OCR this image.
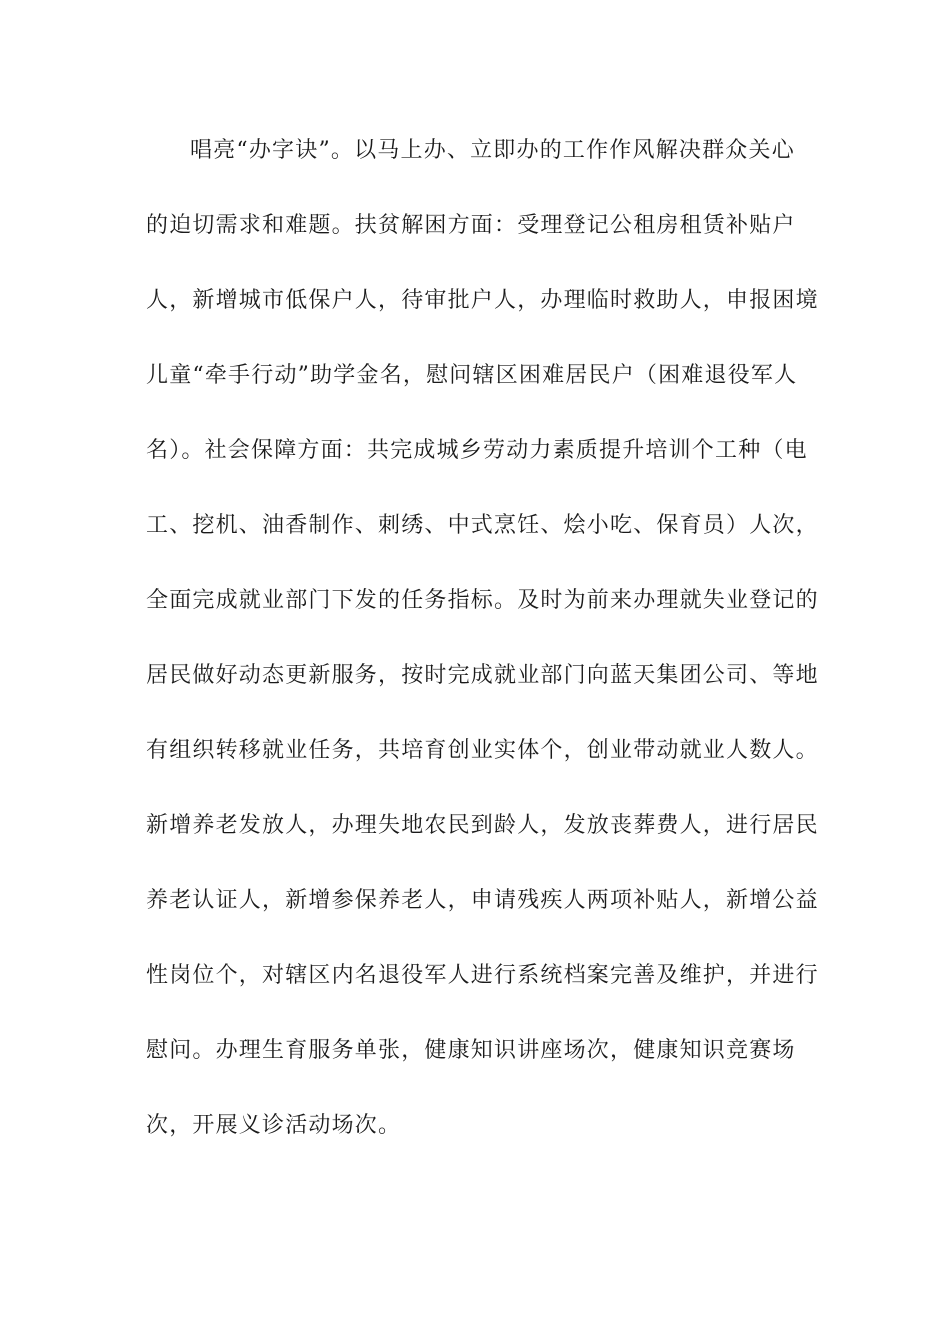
唱亮“办字诀”。以马上办、立即办的工作作风解决群众关心
的迫切需求和难题。扶贫解困方面：受理登记公租房租赁补贴户
人，新增城市低保户人，待审批户人，办理临时救助人，申报困境
儿童“牵手行动”助学金名，慰问辖区困难居民户（困难退役军人
名）。社会保障方面：共完成城乡劳动力素质提升培训个工种（电
工、挖机、油香制作、刺绣、中式烹饪、烩小吃、保育员）人次，
全面完成就业部门下发的任务指标。及时为前来办理就失业登记的
居民做好动态更新服务，按时完成就业部门向蓝天集团公司、等地
有组织转移就业任务，共培育创业实体个，创业带动就业人数人。
新增养老发放人，办理失地农民到龄人，发放丧葬费人，进行居民
养老认证人，新增参保养老人，申请残疾人两项补贴人，新增公益
性岗位个，对辖区内名退役军人进行系统档案完善及维护，并进行
慰问。办理生育服务单张，健康知识讲座场次，健康知识竞赛场
次，开展义诊活动场次。
